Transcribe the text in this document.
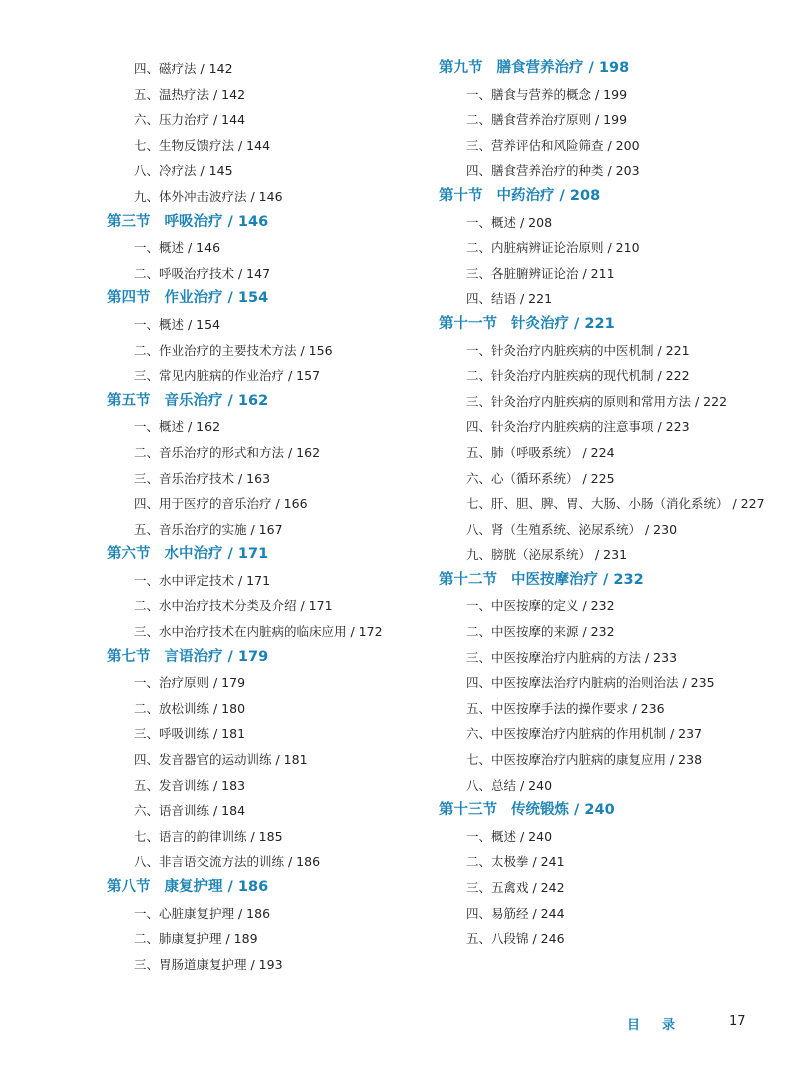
四、磁疗法 / 142
五、温热疗法 / 142
六、压力治疗 / 144
七、生物反馈疗法 / 144
八、冷疗法 / 145
九、体外冲击波疗法 / 146
第三节 呼吸治疗 / 146
一、概述 / 146
二、呼吸治疗技术 / 147
第四节 作业治疗 / 154
一、概述 / 154
二、作业治疗的主要技术方法 / 156
三、常见内脏病的作业治疗 / 157
第五节 音乐治疗 / 162
一、概述 / 162
二、音乐治疗的形式和方法 / 162
三、音乐治疗技术 / 163
四、用于医疗的音乐治疗 / 166
五、音乐治疗的实施 / 167
第六节 水中治疗 / 171
一、水中评定技术 / 171
二、水中治疗技术分类及介绍 / 171
三、水中治疗技术在内脏病的临床应用 / 172
第七节 言语治疗 / 179
一、治疗原则 / 179
二、放松训练 / 180
三、呼吸训练 / 181
四、发音器官的运动训练 / 181
五、发音训练 / 183
六、语音训练 / 184
七、语言的韵律训练 / 185
八、非言语交流方法的训练 / 186
第八节 康复护理 / 186
一、心脏康复护理 / 186
二、肺康复护理 / 189
三、胃肠道康复护理 / 193
第九节 膳食营养治疗 / 198
一、膳食与营养的概念 / 199
二、膳食营养治疗原则 / 199
三、营养评估和风险筛查 / 200
四、膳食营养治疗的种类 / 203
第十节 中药治疗 / 208
一、概述 / 208
二、内脏病辨证论治原则 / 210
三、各脏腑辨证论治 / 211
四、结语 / 221
第十一节 针灸治疗 / 221
一、针灸治疗内脏疾病的中医机制 / 221
二、针灸治疗内脏疾病的现代机制 / 222
三、针灸治疗内脏疾病的原则和常用方法 / 222
四、针灸治疗内脏疾病的注意事项 / 223
五、肺（呼吸系统） / 224
六、心（循环系统） / 225
七、肝、胆、脾、胃、大肠、小肠（消化系统） / 227
八、肾（生殖系统、泌尿系统） / 230
九、膀胱（泌尿系统） / 231
第十二节 中医按摩治疗 / 232
一、中医按摩的定义 / 232
二、中医按摩的来源 / 232
三、中医按摩治疗内脏病的方法 / 233
四、中医按摩法治疗内脏病的治则治法 / 235
五、中医按摩手法的操作要求 / 236
六、中医按摩治疗内脏病的作用机制 / 237
七、中医按摩治疗内脏病的康复应用 / 238
八、总结 / 240
第十三节 传统锻炼 / 240
一、概述 / 240
二、太极拳 / 241
三、五禽戏 / 242
四、易筋经 / 244
五、八段锦 / 246
目录 17
